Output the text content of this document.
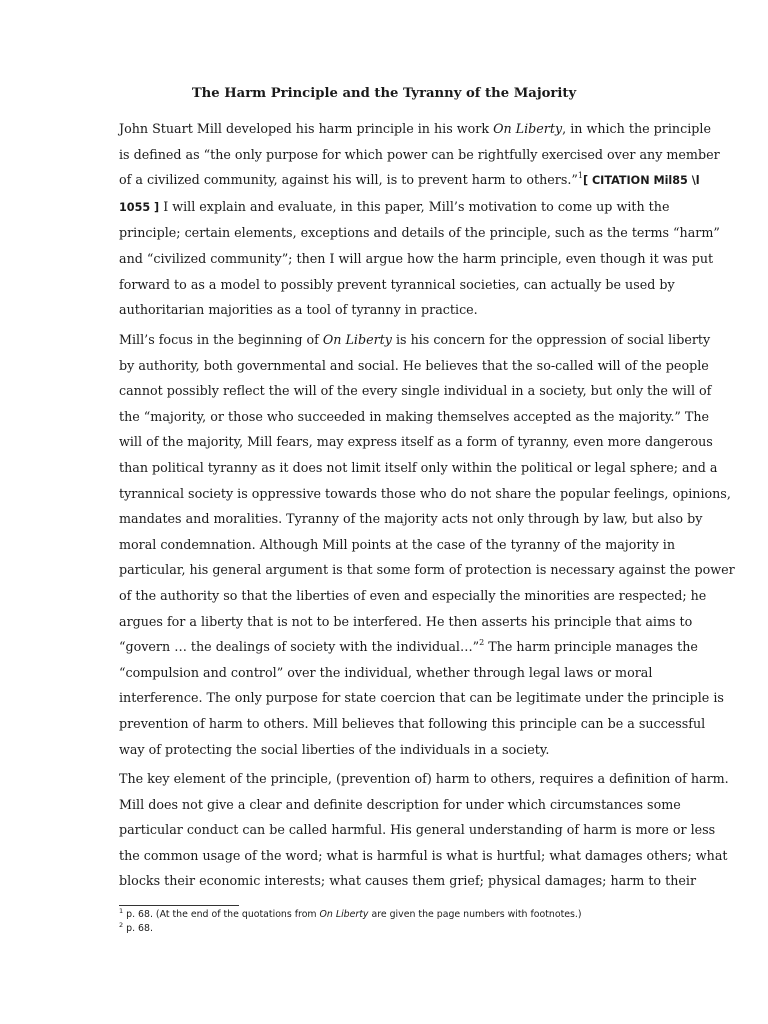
The Harm Principle and the Tyranny of the Majority
John Stuart Mill developed his harm principle in his work On Liberty, in which the principle
is defined as “the only purpose for which power can be rightfully exercised over any member
of a civilized community, against his will, is to prevent harm to others.”$^1$[ CITATION Mil85 \l
1055 ] I will explain and evaluate, in this paper, Mill’s motivation to come up with the
principle; certain elements, exceptions and details of the principle, such as the terms “harm”
and “civilized community”; then I will argue how the harm principle, even though it was put
forward to as a model to possibly prevent tyrannical societies, can actually be used by
authoritarian majorities as a tool of tyranny in practice.
Mill’s focus in the beginning of On Liberty is his concern for the oppression of social liberty
by authority, both governmental and social. He believes that the so-called will of the people
cannot possibly reflect the will of the every single individual in a society, but only the will of
the “majority, or those who succeeded in making themselves accepted as the majority.” The
will of the majority, Mill fears, may express itself as a form of tyranny, even more dangerous
than political tyranny as it does not limit itself only within the political or legal sphere; and a
tyrannical society is oppressive towards those who do not share the popular feelings, opinions,
mandates and moralities. Tyranny of the majority acts not only through by law, but also by
moral condemnation. Although Mill points at the case of the tyranny of the majority in
particular, his general argument is that some form of protection is necessary against the power
of the authority so that the liberties of even and especially the minorities are respected; he
argues for a liberty that is not to be interfered. He then asserts his principle that aims to
“govern … the dealings of society with the individual…”$^2$ The harm principle manages the
“compulsion and control” over the individual, whether through legal laws or moral
interference. The only purpose for state coercion that can be legitimate under the principle is
prevention of harm to others. Mill believes that following this principle can be a successful
way of protecting the social liberties of the individuals in a society.
The key element of the principle, (prevention of) harm to others, requires a definition of harm.
Mill does not give a clear and definite description for under which circumstances some
particular conduct can be called harmful. His general understanding of harm is more or less
the common usage of the word; what is harmful is what is hurtful; what damages others; what
blocks their economic interests; what causes them grief; physical damages; harm to their
$^1$ p. 68. (At the end of the quotations from On Liberty are given the page numbers with footnotes.)
$^2$ p. 68.
